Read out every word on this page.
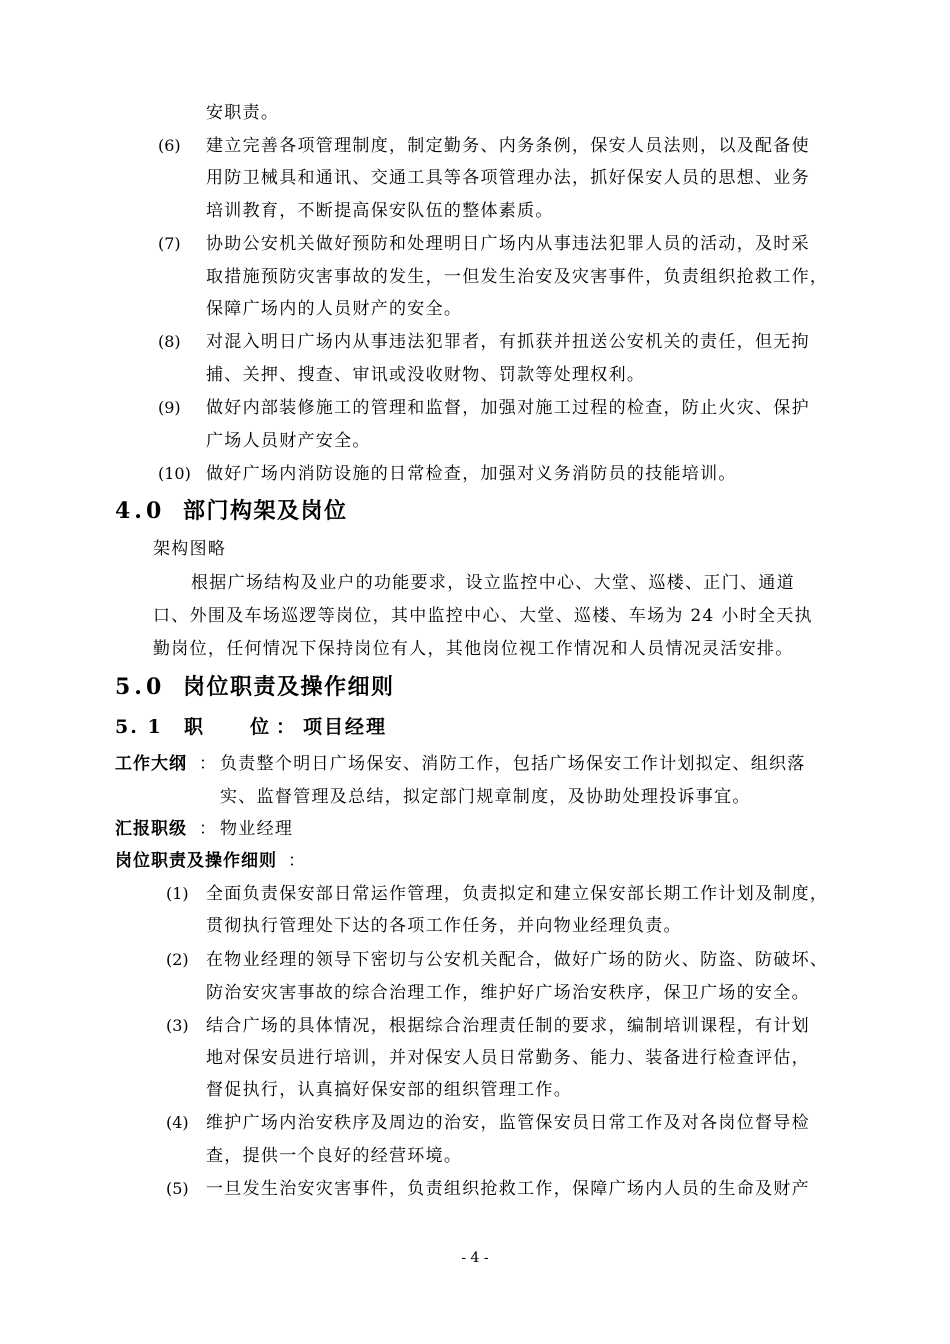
安职责。
(6) 建立完善各项管理制度，制定勤务、内务条例，保安人员法则，以及配备使
用防卫械具和通讯、交通工具等各项管理办法，抓好保安人员的思想、业务
培训教育，不断提高保安队伍的整体素质。
(7) 协助公安机关做好预防和处理明日广场内从事违法犯罪人员的活动，及时采
取措施预防灾害事故的发生，一但发生治安及灾害事件，负责组织抢救工作，
保障广场内的人员财产的安全。
(8) 对混入明日广场内从事违法犯罪者，有抓获并扭送公安机关的责任，但无拘
捕、关押、搜查、审讯或没收财物、罚款等处理权利。
(9) 做好内部装修施工的管理和监督，加强对施工过程的检查，防止火灾、保护
广场人员财产安全。
(10) 做好广场内消防设施的日常检查，加强对义务消防员的技能培训。
4.0 部门构架及岗位
架构图略
根据广场结构及业户的功能要求，设立监控中心、大堂、巡楼、正门、通道
口、外围及车场巡逻等岗位，其中监控中心、大堂、巡楼、车场为 24 小时全天执
勤岗位，任何情况下保持岗位有人，其他岗位视工作情况和人员情况灵活安排。
5.0 岗位职责及操作细则
5. 1 职 位 ： 项目经理
工作大纲 ： 负责整个明日广场保安、消防工作，包括广场保安工作计划拟定、组织落
实、监督管理及总结，拟定部门规章制度，及协助处理投诉事宜。
汇报职级 ： 物业经理
岗位职责及操作细则 ：
(1) 全面负责保安部日常运作管理，负责拟定和建立保安部长期工作计划及制度，
贯彻执行管理处下达的各项工作任务，并向物业经理负责。
(2) 在物业经理的领导下密切与公安机关配合，做好广场的防火、防盗、防破坏、
防治安灾害事故的综合治理工作，维护好广场治安秩序，保卫广场的安全。
(3) 结合广场的具体情况，根据综合治理责任制的要求，编制培训课程，有计划
地对保安员进行培训，并对保安人员日常勤务、能力、装备进行检查评估，
督促执行，认真搞好保安部的组织管理工作。
(4) 维护广场内治安秩序及周边的治安，监管保安员日常工作及对各岗位督导检
查，提供一个良好的经营环境。
(5) 一旦发生治安灾害事件，负责组织抢救工作，保障广场内人员的生命及财产
- 4 -
